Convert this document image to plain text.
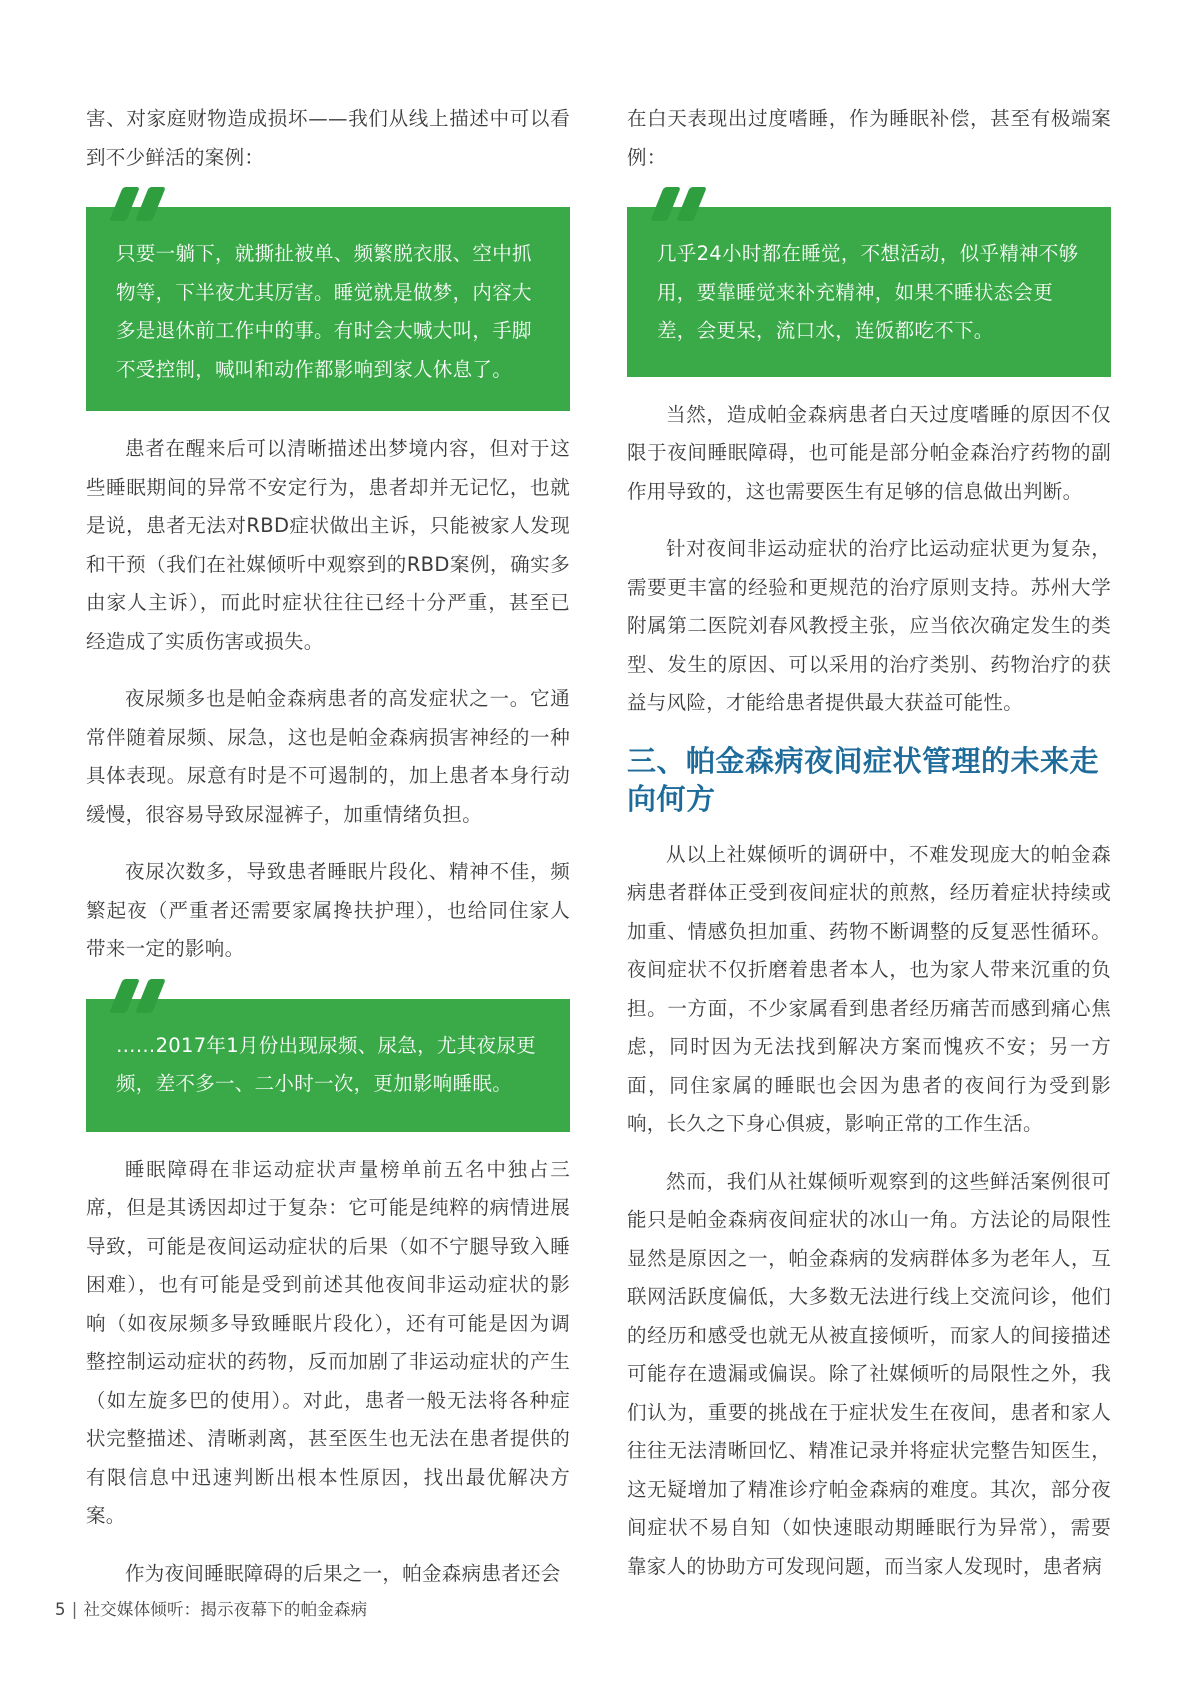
害、对家庭财物造成损坏——我们从线上描述中可以看到不少鲜活的案例：

只要一躺下，就撕扯被单、频繁脱衣服、空中抓物等，下半夜尤其厉害。睡觉就是做梦，内容大多是退休前工作中的事。有时会大喊大叫，手脚不受控制，喊叫和动作都影响到家人休息了。

患者在醒来后可以清晰描述出梦境内容，但对于这些睡眠期间的异常不安定行为，患者却并无记忆，也就是说，患者无法对RBD症状做出主诉，只能被家人发现和干预（我们在社媒倾听中观察到的RBD案例，确实多由家人主诉），而此时症状往往已经十分严重，甚至已经造成了实质伤害或损失。

夜尿频多也是帕金森病患者的高发症状之一。它通常伴随着尿频、尿急，这也是帕金森病损害神经的一种具体表现。尿意有时是不可遏制的，加上患者本身行动缓慢，很容易导致尿湿裤子，加重情绪负担。

夜尿次数多，导致患者睡眠片段化、精神不佳，频繁起夜（严重者还需要家属搀扶护理），也给同住家人带来一定的影响。

……2017年1月份出现尿频、尿急，尤其夜尿更频，差不多一、二小时一次，更加影响睡眠。

睡眠障碍在非运动症状声量榜单前五名中独占三席，但是其诱因却过于复杂：它可能是纯粹的病情进展导致，可能是夜间运动症状的后果（如不宁腿导致入睡困难），也有可能是受到前述其他夜间非运动症状的影响（如夜尿频多导致睡眠片段化），还有可能是因为调整控制运动症状的药物，反而加剧了非运动症状的产生（如左旋多巴的使用）。对此，患者一般无法将各种症状完整描述、清晰剥离，甚至医生也无法在患者提供的有限信息中迅速判断出根本性原因，找出最优解决方案。

作为夜间睡眠障碍的后果之一，帕金森病患者还会

在白天表现出过度嗜睡，作为睡眠补偿，甚至有极端案例：

几乎24小时都在睡觉，不想活动，似乎精神不够用，要靠睡觉来补充精神，如果不睡状态会更差，会更呆，流口水，连饭都吃不下。

当然，造成帕金森病患者白天过度嗜睡的原因不仅限于夜间睡眠障碍，也可能是部分帕金森治疗药物的副作用导致的，这也需要医生有足够的信息做出判断。

针对夜间非运动症状的治疗比运动症状更为复杂，需要更丰富的经验和更规范的治疗原则支持。苏州大学附属第二医院刘春风教授主张，应当依次确定发生的类型、发生的原因、可以采用的治疗类别、药物治疗的获益与风险，才能给患者提供最大获益可能性。

三、帕金森病夜间症状管理的未来走向何方

从以上社媒倾听的调研中，不难发现庞大的帕金森病患者群体正受到夜间症状的煎熬，经历着症状持续或加重、情感负担加重、药物不断调整的反复恶性循环。夜间症状不仅折磨着患者本人，也为家人带来沉重的负担。一方面，不少家属看到患者经历痛苦而感到痛心焦虑，同时因为无法找到解决方案而愧疚不安；另一方面，同住家属的睡眠也会因为患者的夜间行为受到影响，长久之下身心俱疲，影响正常的工作生活。

然而，我们从社媒倾听观察到的这些鲜活案例很可能只是帕金森病夜间症状的冰山一角。方法论的局限性显然是原因之一，帕金森病的发病群体多为老年人，互联网活跃度偏低，大多数无法进行线上交流问诊，他们的经历和感受也就无从被直接倾听，而家人的间接描述可能存在遗漏或偏误。除了社媒倾听的局限性之外，我们认为，重要的挑战在于症状发生在夜间，患者和家人往往无法清晰回忆、精准记录并将症状完整告知医生，这无疑增加了精准诊疗帕金森病的难度。其次，部分夜间症状不易自知（如快速眼动期睡眠行为异常），需要靠家人的协助方可发现问题，而当家人发现时，患者病

5 | 社交媒体倾听：揭示夜幕下的帕金森病
